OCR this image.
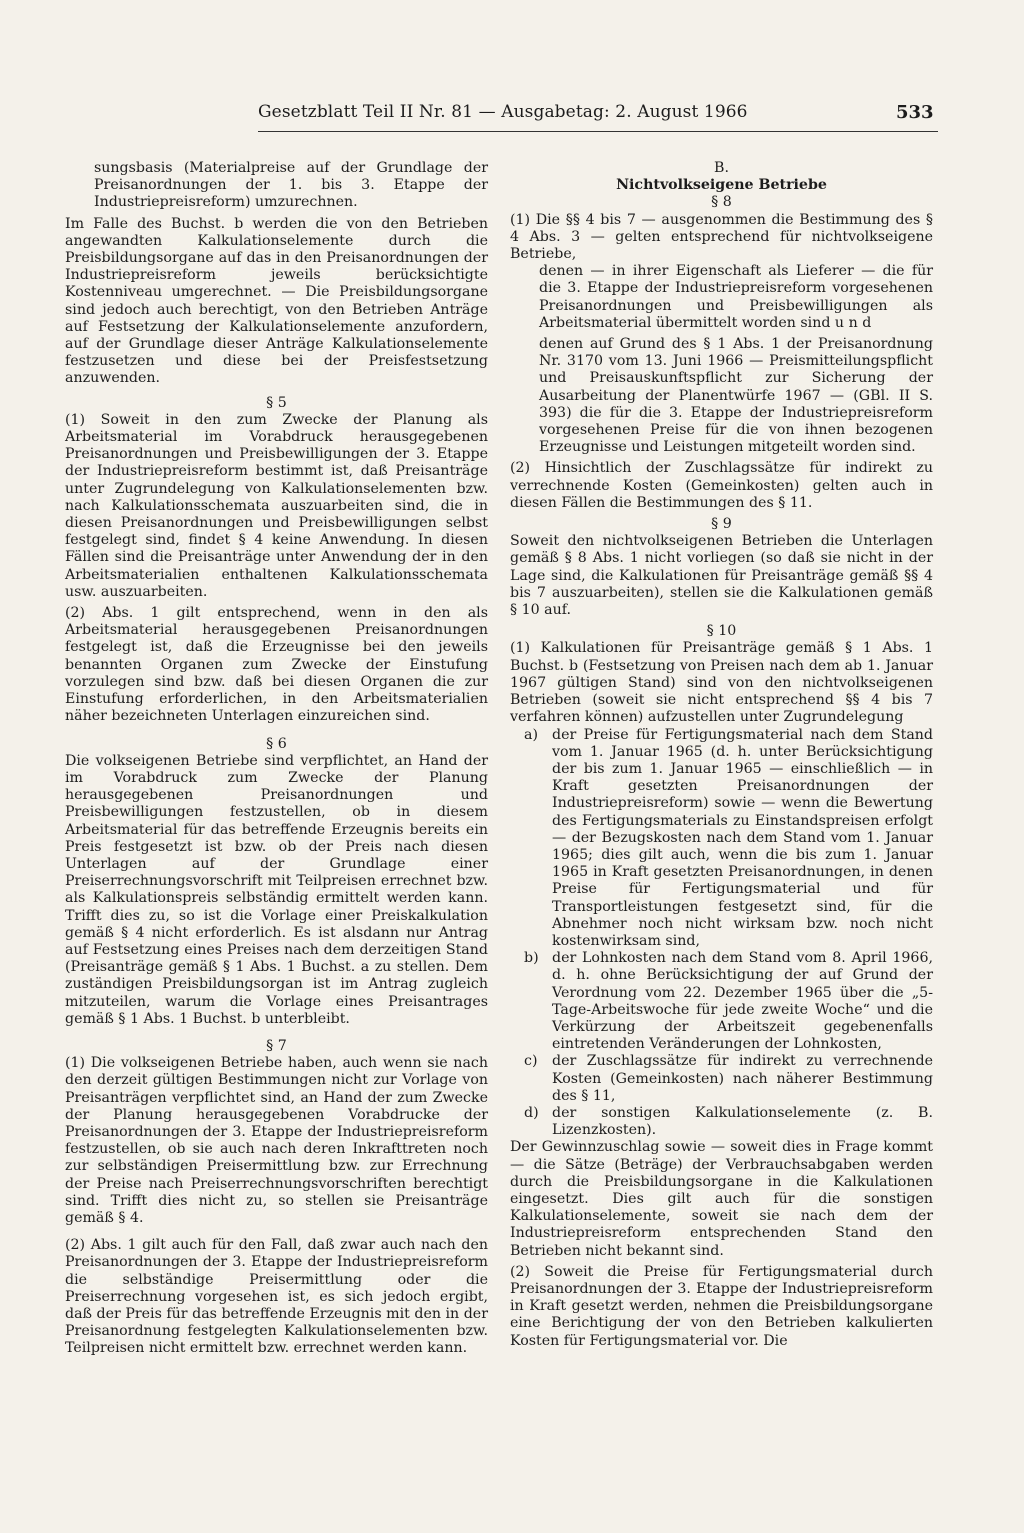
Gesetzblatt Teil II Nr. 81 — Ausgabetag: 2. August 1966	533

sungsbasis (Materialpreise auf der Grundlage der Preisanordnungen der 1. bis 3. Etappe der Industriepreisreform) umzurechnen.

Im Falle des Buchst. b werden die von den Betrieben angewandten Kalkulationselemente durch die Preisbildungsorgane auf das in den Preisanordnungen der Industriepreisreform jeweils berücksichtigte Kostenniveau umgerechnet. — Die Preisbildungsorgane sind jedoch auch berechtigt, von den Betrieben Anträge auf Festsetzung der Kalkulationselemente anzufordern, auf der Grundlage dieser Anträge Kalkulationselemente festzusetzen und diese bei der Preisfestsetzung anzuwenden.

§ 5

(1) Soweit in den zum Zwecke der Planung als Arbeitsmaterial im Vorabdruck herausgegebenen Preisanordnungen und Preisbewilligungen der 3. Etappe der Industriepreisreform bestimmt ist, daß Preisanträge unter Zugrundelegung von Kalkulationselementen bzw. nach Kalkulationsschemata auszuarbeiten sind, die in diesen Preisanordnungen und Preisbewilligungen selbst festgelegt sind, findet § 4 keine Anwendung. In diesen Fällen sind die Preisanträge unter Anwendung der in den Arbeitsmaterialien enthaltenen Kalkulationsschemata usw. auszuarbeiten.

(2) Abs. 1 gilt entsprechend, wenn in den als Arbeitsmaterial herausgegebenen Preisanordnungen festgelegt ist, daß die Erzeugnisse bei den jeweils benannten Organen zum Zwecke der Einstufung vorzulegen sind bzw. daß bei diesen Organen die zur Einstufung erforderlichen, in den Arbeitsmaterialien näher bezeichneten Unterlagen einzureichen sind.

§ 6

Die volkseigenen Betriebe sind verpflichtet, an Hand der im Vorabdruck zum Zwecke der Planung herausgegebenen Preisanordnungen und Preisbewilligungen festzustellen, ob in diesem Arbeitsmaterial für das betreffende Erzeugnis bereits ein Preis festgesetzt ist bzw. ob der Preis nach diesen Unterlagen auf der Grundlage einer Preiserrechnungsvorschrift mit Teilpreisen errechnet bzw. als Kalkulationspreis selbständig ermittelt werden kann. Trifft dies zu, so ist die Vorlage einer Preiskalkulation gemäß § 4 nicht erforderlich. Es ist alsdann nur Antrag auf Festsetzung eines Preises nach dem derzeitigen Stand (Preisanträge gemäß § 1 Abs. 1 Buchst. a zu stellen. Dem zuständigen Preisbildungsorgan ist im Antrag zugleich mitzuteilen, warum die Vorlage eines Preisantrages gemäß § 1 Abs. 1 Buchst. b unterbleibt.

§ 7

(1) Die volkseigenen Betriebe haben, auch wenn sie nach den derzeit gültigen Bestimmungen nicht zur Vorlage von Preisanträgen verpflichtet sind, an Hand der zum Zwecke der Planung herausgegebenen Vorabdrucke der Preisanordnungen der 3. Etappe der Industriepreisreform festzustellen, ob sie auch nach deren Inkrafttreten noch zur selbständigen Preisermittlung bzw. zur Errechnung der Preise nach Preiserrechnungsvorschriften berechtigt sind. Trifft dies nicht zu, so stellen sie Preisanträge gemäß § 4.

(2) Abs. 1 gilt auch für den Fall, daß zwar auch nach den Preisanordnungen der 3. Etappe der Industriepreisreform die selbständige Preisermittlung oder die Preiserrechnung vorgesehen ist, es sich jedoch ergibt, daß der Preis für das betreffende Erzeugnis mit den in der Preisanordnung festgelegten Kalkulationselementen bzw. Teilpreisen nicht ermittelt bzw. errechnet werden kann.

B.

Nichtvolkseigene Betriebe

§ 8

(1) Die §§ 4 bis 7 — ausgenommen die Bestimmung des § 4 Abs. 3 — gelten entsprechend für nichtvolkseigene Betriebe,

denen — in ihrer Eigenschaft als Lieferer — die für die 3. Etappe der Industriepreisreform vorgesehenen Preisanordnungen und Preisbewilligungen als Arbeitsmaterial übermittelt worden sind u n d

denen auf Grund des § 1 Abs. 1 der Preisanordnung Nr. 3170 vom 13. Juni 1966 — Preismitteilungspflicht und Preisauskunftspflicht zur Sicherung der Ausarbeitung der Planentwürfe 1967 — (GBl. II S. 393) die für die 3. Etappe der Industriepreisreform vorgesehenen Preise für die von ihnen bezogenen Erzeugnisse und Leistungen mitgeteilt worden sind.

(2) Hinsichtlich der Zuschlagssätze für indirekt zu verrechnende Kosten (Gemeinkosten) gelten auch in diesen Fällen die Bestimmungen des § 11.

§ 9

Soweit den nichtvolkseigenen Betrieben die Unterlagen gemäß § 8 Abs. 1 nicht vorliegen (so daß sie nicht in der Lage sind, die Kalkulationen für Preisanträge gemäß §§ 4 bis 7 auszuarbeiten), stellen sie die Kalkulationen gemäß § 10 auf.

§ 10

(1) Kalkulationen für Preisanträge gemäß § 1 Abs. 1 Buchst. b (Festsetzung von Preisen nach dem ab 1. Januar 1967 gültigen Stand) sind von den nichtvolkseigenen Betrieben (soweit sie nicht entsprechend §§ 4 bis 7 verfahren können) aufzustellen unter Zugrundelegung

a) der Preise für Fertigungsmaterial nach dem Stand vom 1. Januar 1965 (d. h. unter Berücksichtigung der bis zum 1. Januar 1965 — einschließlich — in Kraft gesetzten Preisanordnungen der Industriepreisreform) sowie — wenn die Bewertung des Fertigungsmaterials zu Einstandspreisen erfolgt — der Bezugskosten nach dem Stand vom 1. Januar 1965; dies gilt auch, wenn die bis zum 1. Januar 1965 in Kraft gesetzten Preisanordnungen, in denen Preise für Fertigungsmaterial und für Transportleistungen festgesetzt sind, für die Abnehmer noch nicht wirksam bzw. noch nicht kostenwirksam sind,
b) der Lohnkosten nach dem Stand vom 8. April 1966, d. h. ohne Berücksichtigung der auf Grund der Verordnung vom 22. Dezember 1965 über die „5-Tage-Arbeitswoche für jede zweite Woche“ und die Verkürzung der Arbeitszeit gegebenenfalls eintretenden Veränderungen der Lohnkosten,
c)	der Zuschlagssätze für indirekt zu verrechnende Kosten (Gemeinkosten) nach näherer Bestimmung des § 11,
d) der sonstigen Kalkulationselemente (z. B. Lizenzkosten).

Der Gewinnzuschlag sowie — soweit dies in Frage kommt — die Sätze (Beträge) der Verbrauchsabgaben werden durch die Preisbildungsorgane in die Kalkulationen eingesetzt. Dies gilt auch für die sonstigen Kalkulationselemente, soweit sie nach dem der Industriepreisreform entsprechenden Stand den Betrieben nicht bekannt sind.

(2) Soweit die Preise für Fertigungsmaterial durch Preisanordnungen der 3. Etappe der Industriepreisreform in Kraft gesetzt werden, nehmen die Preisbildungsorgane eine Berichtigung der von den Betrieben kalkulierten Kosten für Fertigungsmaterial vor. Die
